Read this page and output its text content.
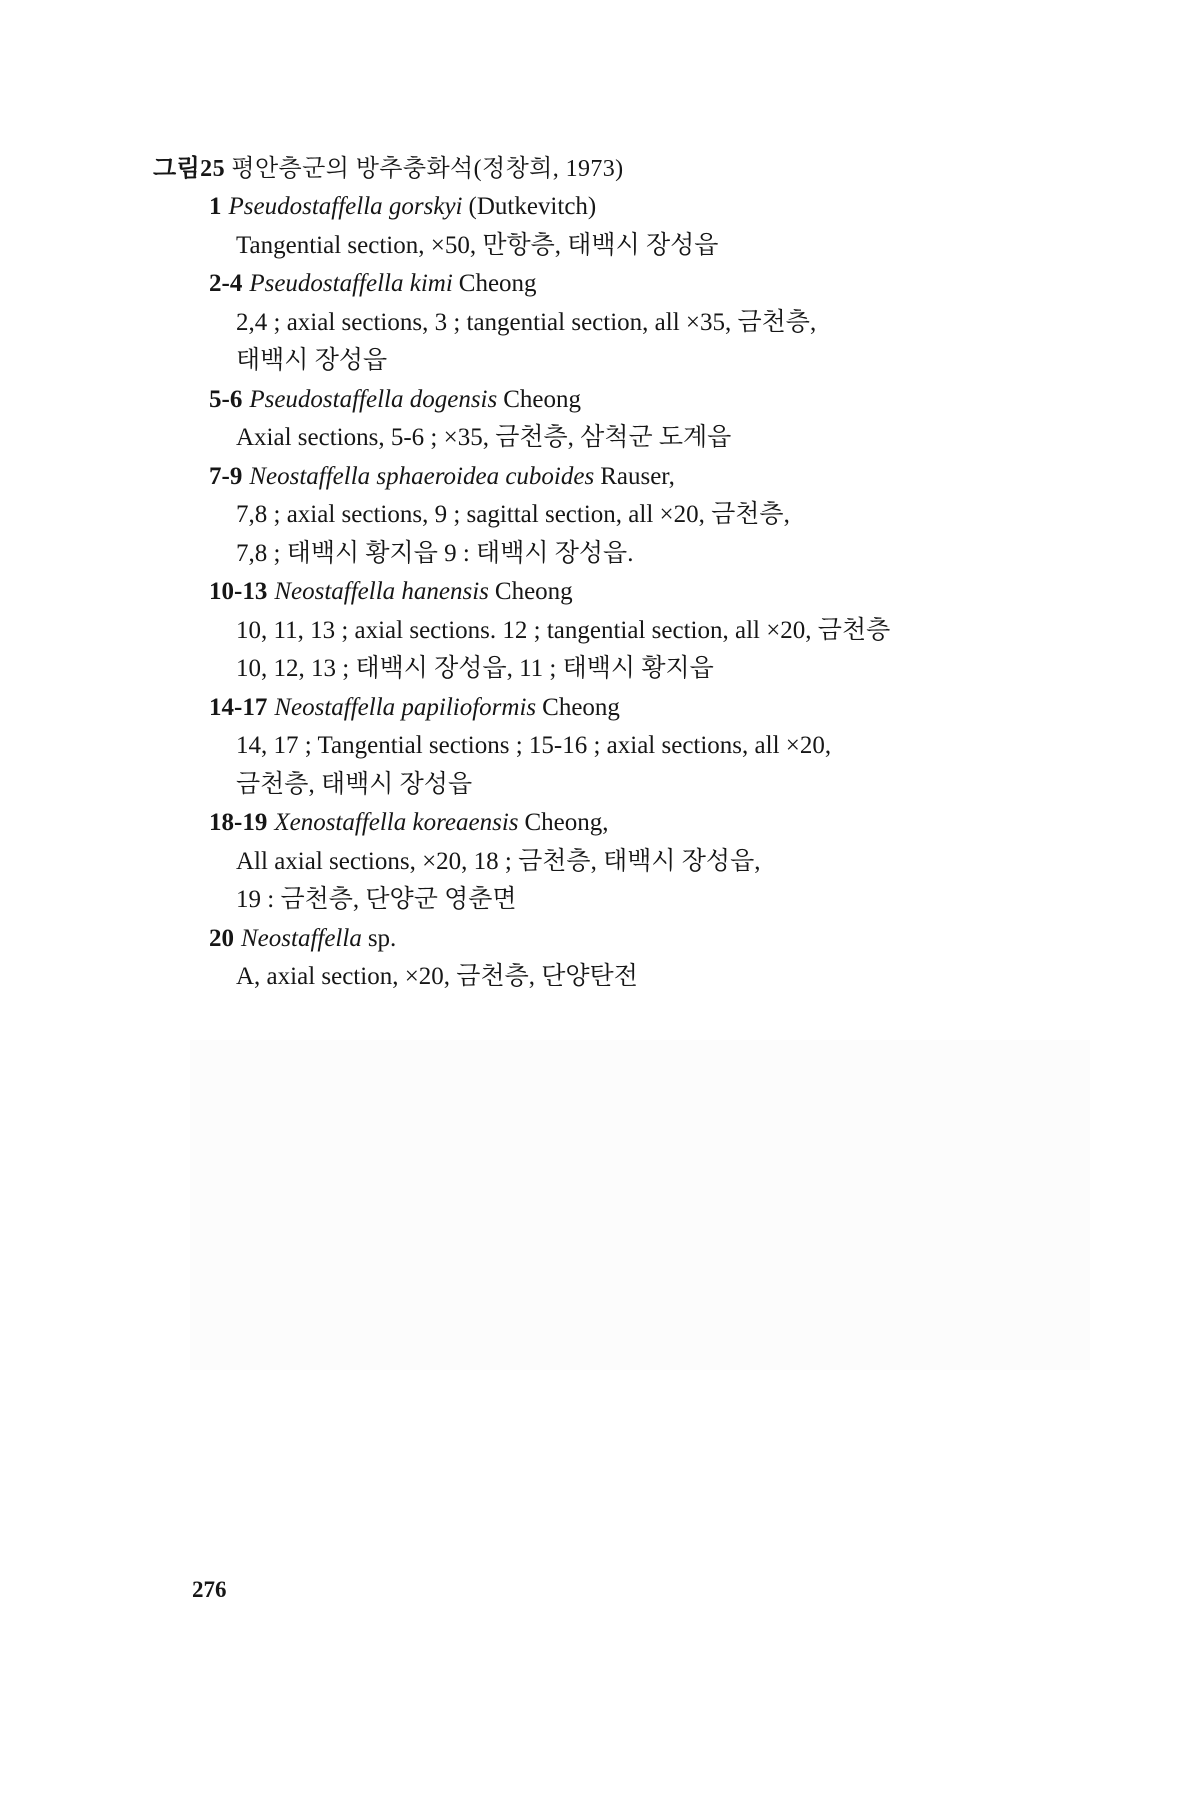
그림25 평안층군의 방추충화석(정창희, 1973)
1 Pseudostaffella gorskyi (Dutkevitch)
Tangential section, ×50, 만항층, 태백시 장성읍
2-4 Pseudostaffella kimi Cheong
2,4 ; axial sections, 3 ; tangential section, all ×35, 금천층,
태백시 장성읍
5-6 Pseudostaffella dogensis Cheong
Axial sections, 5-6 ; ×35, 금천층, 삼척군 도계읍
7-9 Neostaffella sphaeroidea cuboides Rauser,
7,8 ; axial sections, 9 ; sagittal section, all ×20, 금천층,
7,8 ; 태백시 황지읍 9 : 태백시 장성읍.
10-13 Neostaffella hanensis Cheong
10, 11, 13 ; axial sections. 12 ; tangential section, all ×20, 금천층
10, 12, 13 ; 태백시 장성읍, 11 ; 태백시 황지읍
14-17 Neostaffella papilioformis Cheong
14, 17 ; Tangential sections ; 15-16 ; axial sections, all ×20,
금천층, 태백시 장성읍
18-19 Xenostaffella koreaensis Cheong,
All axial sections, ×20, 18 ; 금천층, 태백시 장성읍,
19 : 금천층, 단양군 영춘면
20 Neostaffella sp.
A, axial section, ×20, 금천층, 단양탄전
276
